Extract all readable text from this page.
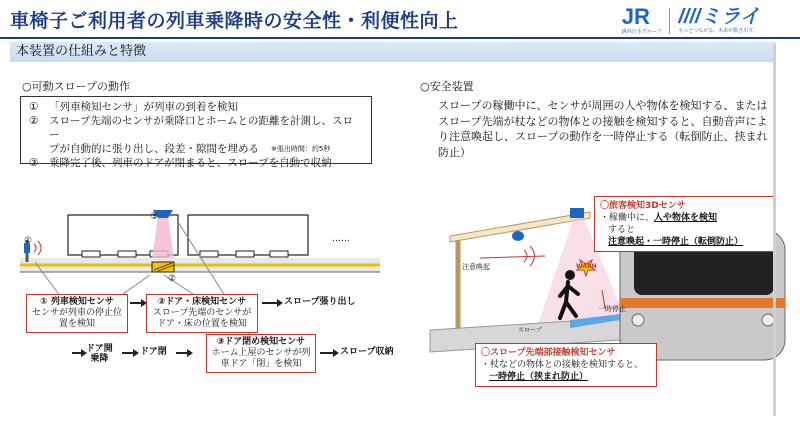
車椅子ご利用者の列車乗降時の安全性・利便性向上	JR
JR西日本グループ
////ミライ
もっとつながる、未来が動き出す。
本装置の仕組みと特徴
○可動スロープの動作
①	「列車検知センサ」が列車の到着を検知
②	スロープ先端のセンサが乗降口とホームとの距離を計測し、スロー
プが自動的に張り出し、段差・隙間を埋める ※張出時間：約5秒
③	乗降完了後、列車のドアが閉まると、スロープを自動で収納
……
①
②
③
① 列車検知センサ
センサが列車の停止位置を検知
②ドア・床検知センサ
スロープ先端のセンサがドア・床の位置を検知
スロープ張り出し
ドア開
乗降
ドア閉
③ドア閉め検知センサ
ホーム上屋のセンサが列車ドア「閉」を検知
スロープ収納
○安全装置
スロープの稼働中に、センサが周囲の人や物体を検知する、またはスロープ先端が杖などの物体との接触を検知すると、自動音声により注意喚起し、スロープの動作を一時停止する（転倒防止、挟まれ防止）
注意喚起	WARN
一時停止
スロープ
〇旅客検知3Dセンサ
・稼働中に、人や物体を検知
すると注意喚起・一時停止（転倒防止）
〇スロープ先端部接触検知センサ
・杖などの物体との接触を検知すると、
一時停止（挟まれ防止）
